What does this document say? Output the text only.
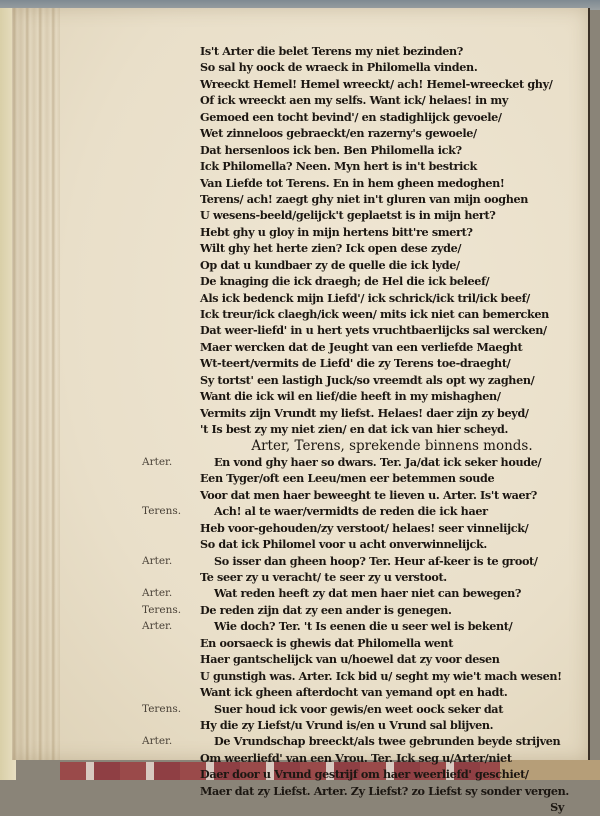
Is't Arter die belet Terens my niet bezinden?
So sal hy oock de wraeck in Philomella vinden.
Wreeckt Hemel! Hemel wreeckt/ ach! Hemel-wreecket ghy/
Of ick wreeckt aen my selfs. Want ick/ helaes! in my
Gemoed een tocht bevind'/ en stadighlijck gevoele/
Wet zinneloos gebraeckt/en razerny's gewoele/
Dat hersenloos ick ben. Ben Philomella ick?
Ick Philomella? Neen. Myn hert is in't bestrick
Van Liefde tot Terens. En in hem gheen medoghen!
Terens/ ach! zaegt ghy niet in't gluren van mijn ooghen
U wesens-beeld/gelijck't geplaetst is in mijn hert?
Hebt ghy u gloy in mijn hertens bitt're smert?
Wilt ghy het herte zien? Ick open dese zyde/
Op dat u kundbaer zy de quelle die ick lyde/
De knaging die ick draegh; de Hel die ick beleef/
Als ick bedenck mijn Liefd'/ ick schrick/ick tril/ick beef/
Ick treur/ick claegh/ick ween/ mits ick niet can bemercken
Dat weer-liefd' in u hert yets vruchtbaerlijcks sal wercken/
Maer wercken dat de Jeught van een verliefde Maeght
Wt-teert/vermits de Liefd' die zy Terens toe-draeght/
Sy tortst' een lastigh Juck/so vreemdt als opt wy zaghen/
Want die ick wil en lief/die heeft in my mishaghen/
Vermits zijn Vrundt my liefst. Helaes! daer zijn zy beyd/
't Is best zy my niet zien/ en dat ick van hier scheyd.
Arter, Terens, sprekende binnens monds.
Arter.	En vond ghy haer so dwars. Ter. Ja/dat ick seker houde/
Een Tyger/oft een Leeu/men eer betemmen soude
Voor dat men haer beweeght te lieven u. Arter. Is't waer?
Terens.	Ach! al te waer/vermidts de reden die ick haer
Heb voor-gehouden/zy verstoot/ helaes! seer vinnelijck/
So dat ick Philomel voor u acht onverwinnelijck.
Arter.	So isser dan gheen hoop? Ter. Heur af-keer is te groot/
Te seer zy u veracht/ te seer zy u verstoot.
Arter.	Wat reden heeft zy dat men haer niet can bewegen?
Terens. De reden zijn dat zy een ander is genegen.
Arter.	Wie doch? Ter. 't Is eenen die u seer wel is bekent/
En oorsaeck is ghewis dat Philomella went
Haer gantschelijck van u/hoewel dat zy voor desen
U gunstigh was. Arter. Ick bid u/ seght my wie't mach wesen!
Want ick gheen afterdocht van yemand opt en hadt.
Terens.	Suer houd ick voor gewis/en weet oock seker dat
Hy die zy Liefst/u Vrund is/en u Vrund sal blijven.
Arter.	De Vrundschap breeckt/als twee gebrunden beyde strijven
Om weerliefd' van een Vrou. Ter. Ick seg u/Arter/niet
Daer door u Vrund gestrijf om haer weerliefd' geschiet/
Maer dat zy Liefst. Arter. Zy Liefst? zo Liefst sy sonder vergen.
Sy
